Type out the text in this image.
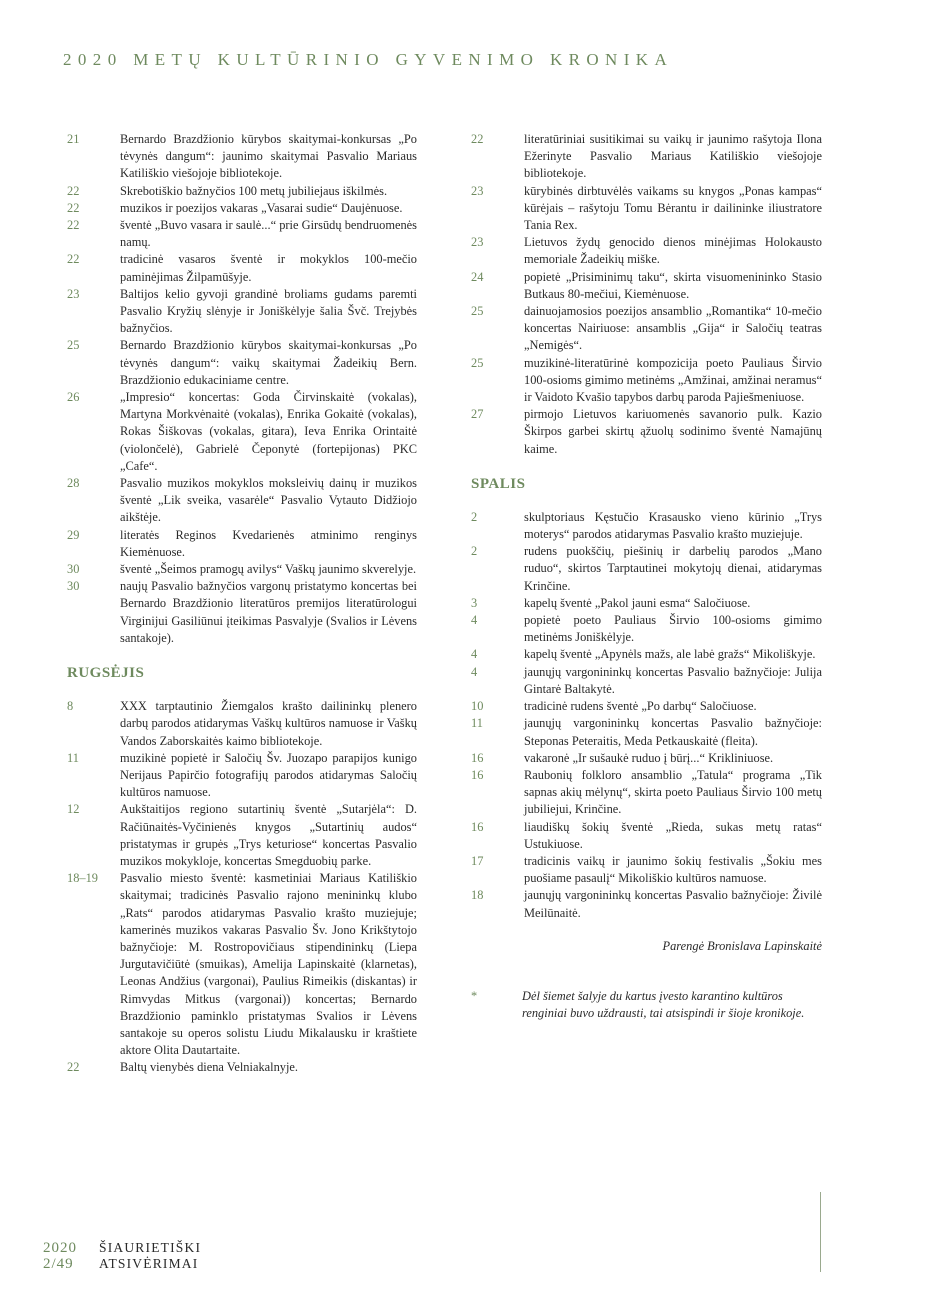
2020 METŲ KULTŪRINIO GYVENIMO KRONIKA
21	Bernardo Brazdžionio kūrybos skaitymai-konkursas „Po tėvynės dangum“: jaunimo skaitymai Pasvalio Mariaus Katiliškio viešojoje bibliotekoje.
22	Skrebotiškio bažnyčios 100 metų jubiliejaus iškilmės.
22	muzikos ir poezijos vakaras „Vasarai sudie“ Daujėnuose.
22	šventė „Buvo vasara ir saulė...“ prie Girsūdų bendruomenės namų.
22	tradicinė vasaros šventė ir mokyklos 100-mečio paminėjimas Žilpamūšyje.
23	Baltijos kelio gyvoji grandinė broliams gudams paremti Pasvalio Kryžių slėnyje ir Joniškėlyje šalia Švč. Trejybės bažnyčios.
25	Bernardo Brazdžionio kūrybos skaitymai-konkursas „Po tėvynės dangum“: vaikų skaitymai Žadeikių Bern. Brazdžionio edukaciniame centre.
26	„Impresio“ koncertas: Goda Čirvinskaitė (vokalas), Martyna Morkvėnaitė (vokalas), Enrika Gokaitė (vokalas), Rokas Šiškovas (vokalas, gitara), Ieva Enrika Orintaitė (violončelė), Gabrielė Čeponytė (fortepijonas) PKC „Cafe“.
28	Pasvalio muzikos mokyklos moksleivių dainų ir muzikos šventė „Lik sveika, vasarėle“ Pasvalio Vytauto Didžiojo aikštėje.
29	literatės Reginos Kvedarienės atminimo renginys Kiemėnuose.
30	šventė „Šeimos pramogų avilys“ Vaškų jaunimo skverelyje.
30	naujų Pasvalio bažnyčios vargonų pristatymo koncertas bei Bernardo Brazdžionio literatūros premijos literatūrologui Virginijui Gasiliūnui įteikimas Pasvalyje (Svalios ir Lėvens santakoje).
RUGSĖJIS
8	XXX tarptautinio Žiemgalos krašto dailininkų plenero darbų parodos atidarymas Vaškų kultūros namuose ir Vaškų Vandos Zaborskaitės kaimo bibliotekoje.
11	muzikinė popietė ir Saločių Šv. Juozapo parapijos kunigo Nerijaus Papirčio fotografijų parodos atidarymas Saločių kultūros namuose.
12	Aukštaitijos regiono sutartinių šventė „Sutarjėla“: D. Račiūnaitės-Vyčinienės knygos „Sutartinių audos“ pristatymas ir grupės „Trys keturiose“ koncertas Pasvalio muzikos mokykloje, koncertas Smegduobių parke.
18–19	Pasvalio miesto šventė: kasmetiniai Mariaus Katiliškio skaitymai; tradicinės Pasvalio rajono menininkų klubo „Rats“ parodos atidarymas Pasvalio krašto muziejuje; kamerinės muzikos vakaras Pasvalio Šv. Jono Krikštytojo bažnyčioje: M. Rostropovičiaus stipendininkų (Liepa Jurgutavičiūtė (smuikas), Amelija Lapinskaitė (klarnetas), Leonas Andžius (vargonai), Paulius Rimeikis (diskantas) ir Rimvydas Mitkus (vargonai)) koncertas; Bernardo Brazdžionio paminklo pristatymas Svalios ir Lėvens santakoje su operos solistu Liudu Mikalausku ir kraštiete aktore Olita Dautartaite.
22	Baltų vienybės diena Velniakalnyje.
22	literatūriniai susitikimai su vaikų ir jaunimo rašytoja Ilona Ežerinyte Pasvalio Mariaus Katiliškio viešojoje bibliotekoje.
23	kūrybinės dirbtuvėlės vaikams su knygos „Ponas kampas“ kūrėjais – rašytoju Tomu Bėrantu ir dailininke iliustratore Tania Rex.
23	Lietuvos žydų genocido dienos minėjimas Holokausto memoriale Žadeikių miške.
24	popietė „Prisiminimų taku“, skirta visuomenininko Stasio Butkaus 80-mečiui, Kiemėnuose.
25	dainuojamosios poezijos ansamblio „Romantika“ 10-mečio koncertas Nairiuose: ansamblis „Gija“ ir Saločių teatras „Nemigės“.
25	muzikinė-literatūrinė kompozicija poeto Pauliaus Širvio 100-osioms gimimo metinėms „Amžinai, amžinai neramus“ ir Vaidoto Kvašio tapybos darbų paroda Pajiešmeniuose.
27	pirmojo Lietuvos kariuomenės savanorio pulk. Kazio Škirpos garbei skirtų ąžuolų sodinimo šventė Namajūnų kaime.
SPALIS
2	skulptoriaus Kęstučio Krasausko vieno kūrinio „Trys moterys“ parodos atidarymas Pasvalio krašto muziejuje.
2	rudens puokščių, piešinių ir darbelių parodos „Mano ruduo“, skirtos Tarptautinei mokytojų dienai, atidarymas Krinčine.
3	kapelų šventė „Pakol jauni esma“ Saločiuose.
4	popietė poeto Pauliaus Širvio 100-osioms gimimo metinėms Joniškėlyje.
4	kapelų šventė „Apynėls mažs, ale labė gražs“ Mikoliškyje.
4	jaunųjų vargonininkų koncertas Pasvalio bažnyčioje: Julija Gintarė Baltakytė.
10	tradicinė rudens šventė „Po darbų“ Saločiuose.
11	jaunųjų vargonininkų koncertas Pasvalio bažnyčioje: Steponas Peteraitis, Meda Petkauskaitė (fleita).
16	vakaronė „Ir sušaukė ruduo į būrį...“ Krikliniuose.
16	Raubonių folkloro ansamblio „Tatula“ programa „Tik sapnas akių mėlynų“, skirta poeto Pauliaus Širvio 100 metų jubiliejui, Krinčine.
16	liaudiškų šokių šventė „Rieda, sukas metų ratas“ Ustukiuose.
17	tradicinis vaikų ir jaunimo šokių festivalis „Šokiu mes puošiame pasaulį“ Mikoliškio kultūros namuose.
18	jaunųjų vargonininkų koncertas Pasvalio bažnyčioje: Živilė Meilūnaitė.
Parengė Bronislava Lapinskaitė
*	Dėl šiemet šalyje du kartus įvesto karantino kultūros renginiai buvo uždrausti, tai atsispindi ir šioje kronikoje.
2020
2/49
ŠIAURIETIŠKI
ATSIVĖRIMAI
